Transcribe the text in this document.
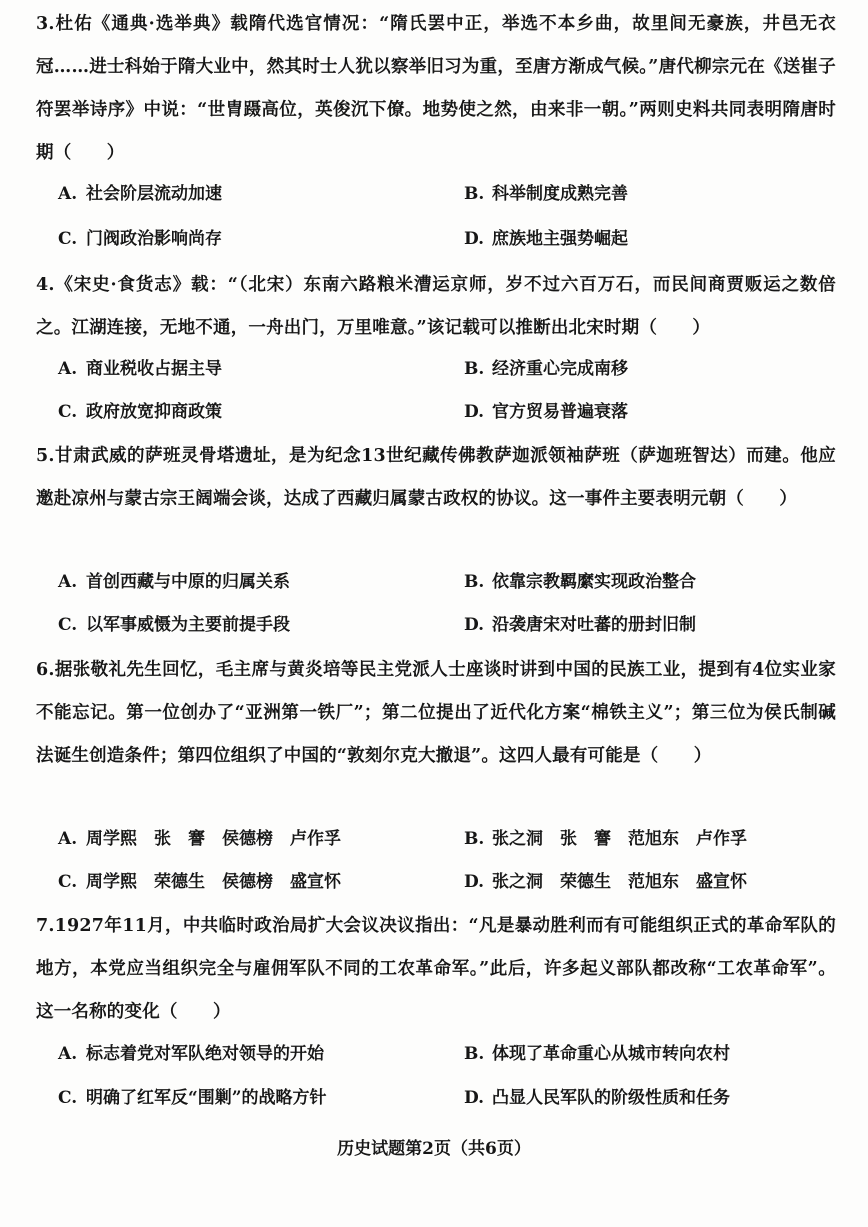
3.杜佑《通典·选举典》载隋代选官情况：“隋氏罢中正，举选不本乡曲，故里间无豪族，井邑无衣冠……进士科始于隋大业中，然其时士人犹以察举旧习为重，至唐方渐成气候。”唐代柳宗元在《送崔子符罢举诗序》中说：“世胄蹑高位，英俊沉下僚。地势使之然，由来非一朝。”两则史料共同表明隋唐时期（　　）
A. 社会阶层流动加速	B. 科举制度成熟完善
C. 门阀政治影响尚存	D. 庶族地主强势崛起
4.《宋史·食货志》载：“（北宋）东南六路粮米漕运京师，岁不过六百万石，而民间商贾贩运之数倍之。江湖连接，无地不通，一舟出门，万里唯意。”该记载可以推断出北宋时期（　　）
A. 商业税收占据主导	B. 经济重心完成南移
C. 政府放宽抑商政策	D. 官方贸易普遍衰落
5.甘肃武威的萨班灵骨塔遗址，是为纪念13世纪藏传佛教萨迦派领袖萨班（萨迦班智达）而建。他应邀赴凉州与蒙古宗王阔端会谈，达成了西藏归属蒙古政权的协议。这一事件主要表明元朝（　　）
A. 首创西藏与中原的归属关系	B. 依靠宗教羁縻实现政治整合
C. 以军事威慑为主要前提手段	D. 沿袭唐宋对吐蕃的册封旧制
6.据张敬礼先生回忆，毛主席与黄炎培等民主党派人士座谈时讲到中国的民族工业，提到有4位实业家不能忘记。第一位创办了“亚洲第一铁厂”；第二位提出了近代化方案“棉铁主义”；第三位为侯氏制碱法诞生创造条件；第四位组织了中国的“敦刻尔克大撤退”。这四人最有可能是（　　）
A. 周学熙　张　謇　侯德榜　卢作孚	B. 张之洞　张　謇　范旭东　卢作孚
C. 周学熙　荣德生　侯德榜　盛宣怀	D. 张之洞　荣德生　范旭东　盛宣怀
7.1927年11月，中共临时政治局扩大会议决议指出：“凡是暴动胜利而有可能组织正式的革命军队的地方，本党应当组织完全与雇佣军队不同的工农革命军。”此后，许多起义部队都改称“工农革命军”。这一名称的变化（　　）
A. 标志着党对军队绝对领导的开始	B. 体现了革命重心从城市转向农村
C. 明确了红军反“围剿”的战略方针	D. 凸显人民军队的阶级性质和任务
历史试题第2页（共6页）
